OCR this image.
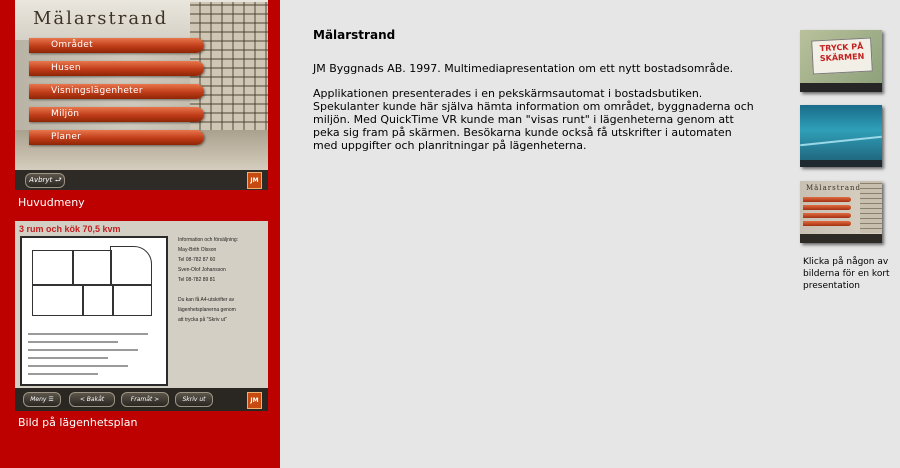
Mälarstrand
Området
Husen
Visningslägenheter
Miljön
Planer
Avbryt ⮐	JM
Huvudmeny
3 rum och kök 70,5 kvm
Information och försäljning:
May-Brith Olsson
Tel 08-782 87 60
Sven-Olof Johansson
Tel 08-782 89 81

Du kan få A4-utskrifter av
lägenhetsplanerna genom
att trycka på "Skriv ut"
Meny ☰	< Bakåt	Framåt >	Skriv ut	JM
Bild på lägenhetsplan
Mälarstrand

JM Byggnads AB. 1997. Multimediapresentation om ett nytt bostadsområde.

Applikationen presenterades i en pekskärmsautomat i bostadsbutiken. Spekulanter kunde här själva hämta information om området, byggnaderna och miljön. Med QuickTime VR kunde man "visas runt" i lägenheterna genom att peka sig fram på skärmen. Besökarna kunde också få utskrifter i automaten med uppgifter och planritningar på lägenheterna.

TRYCK PÅ SKÄRMEN
Mälarstrand
Klicka på någon av bilderna för en kort presentation
